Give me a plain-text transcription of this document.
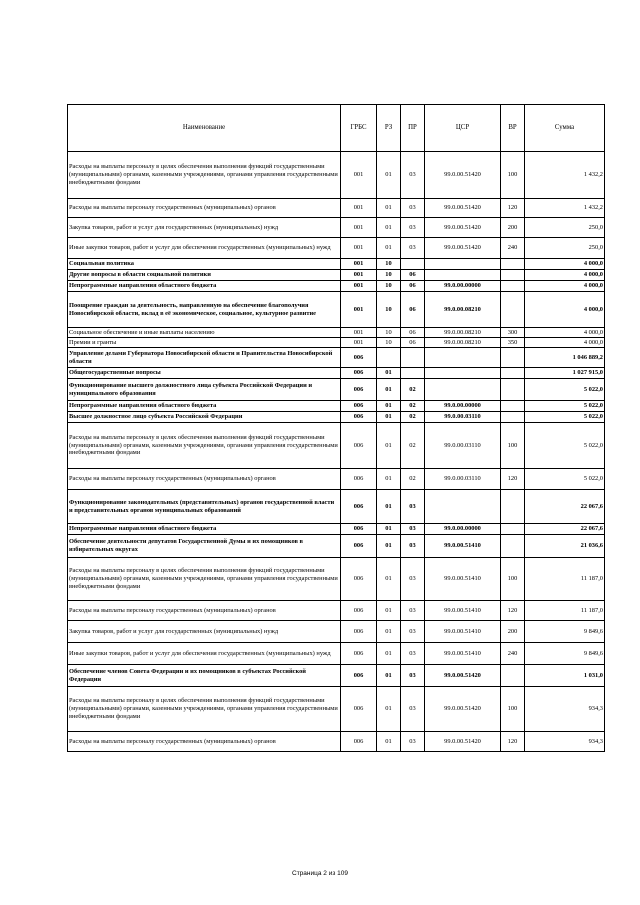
Наименование	ГРБС	РЗ	ПР	ЦСР	ВР	Сумма
Расходы на выплаты персоналу в целях обеспечения выполнения функций государственными (муниципальными) органами, казенными учреждениями, органами управления государственными внебюджетными фондами	001	01	03	99.0.00.51420	100	1 432,2
Расходы на выплаты персоналу государственных (муниципальных) органов	001	01	03	99.0.00.51420	120	1 432,2
Закупка товаров, работ и услуг для государственных (муниципальных) нужд	001	01	03	99.0.00.51420	200	250,0
Иные закупки товаров, работ и услуг для обеспечения государственных (муниципальных) нужд	001	01	03	99.0.00.51420	240	250,0
Социальная политика	001	10				4 000,0
Другие вопросы в области социальной политики	001	10	06			4 000,0
Непрограммные направления областного бюджета	001	10	06	99.0.00.00000		4 000,0
Поощрение граждан за деятельность, направленную на обеспечение благополучия Новосибирской области, вклад в её экономическое, социальное, культурное развитие	001	10	06	99.0.00.08210		4 000,0
Социальное обеспечение и иные выплаты населению	001	10	06	99.0.00.08210	300	4 000,0
Премии и гранты	001	10	06	99.0.00.08210	350	4 000,0
Управление делами Губернатора Новосибирской области и Правительства Новосибирской области	006					1 046 889,2
Общегосударственные вопросы	006	01				1 027 915,0
Функционирование высшего должностного лица субъекта Российской Федерации и муниципального образования	006	01	02			5 022,0
Непрограммные направления областного бюджета	006	01	02	99.0.00.00000		5 022,0
Высшее должностное лицо субъекта Российской Федерации	006	01	02	99.0.00.03110		5 022,0
Расходы на выплаты персоналу в целях обеспечения выполнения функций государственными (муниципальными) органами, казенными учреждениями, органами управления государственными внебюджетными фондами	006	01	02	99.0.00.03110	100	5 022,0
Расходы на выплаты персоналу государственных (муниципальных) органов	006	01	02	99.0.00.03110	120	5 022,0
Функционирование законодательных (представительных) органов государственной власти и представительных органов муниципальных образований	006	01	03			22 067,6
Непрограммные направления областного бюджета	006	01	03	99.0.00.00000		22 067,6
Обеспечение деятельности депутатов Государственной Думы и их помощников в избирательных округах	006	01	03	99.0.00.51410		21 036,6
Расходы на выплаты персоналу в целях обеспечения выполнения функций государственными (муниципальными) органами, казенными учреждениями, органами управления государственными внебюджетными фондами	006	01	03	99.0.00.51410	100	11 187,0
Расходы на выплаты персоналу государственных (муниципальных) органов	006	01	03	99.0.00.51410	120	11 187,0
Закупка товаров, работ и услуг для государственных (муниципальных) нужд	006	01	03	99.0.00.51410	200	9 849,6
Иные закупки товаров, работ и услуг для обеспечения государственных (муниципальных) нужд	006	01	03	99.0.00.51410	240	9 849,6
Обеспечение членов Совета Федерации и их помощников в субъектах Российской Федерации	006	01	03	99.0.00.51420		1 031,0
Расходы на выплаты персоналу в целях обеспечения выполнения функций государственными (муниципальными) органами, казенными учреждениями, органами управления государственными внебюджетными фондами	006	01	03	99.0.00.51420	100	934,3
Расходы на выплаты персоналу государственных (муниципальных) органов	006	01	03	99.0.00.51420	120	934,3
Страница 2 из 109
